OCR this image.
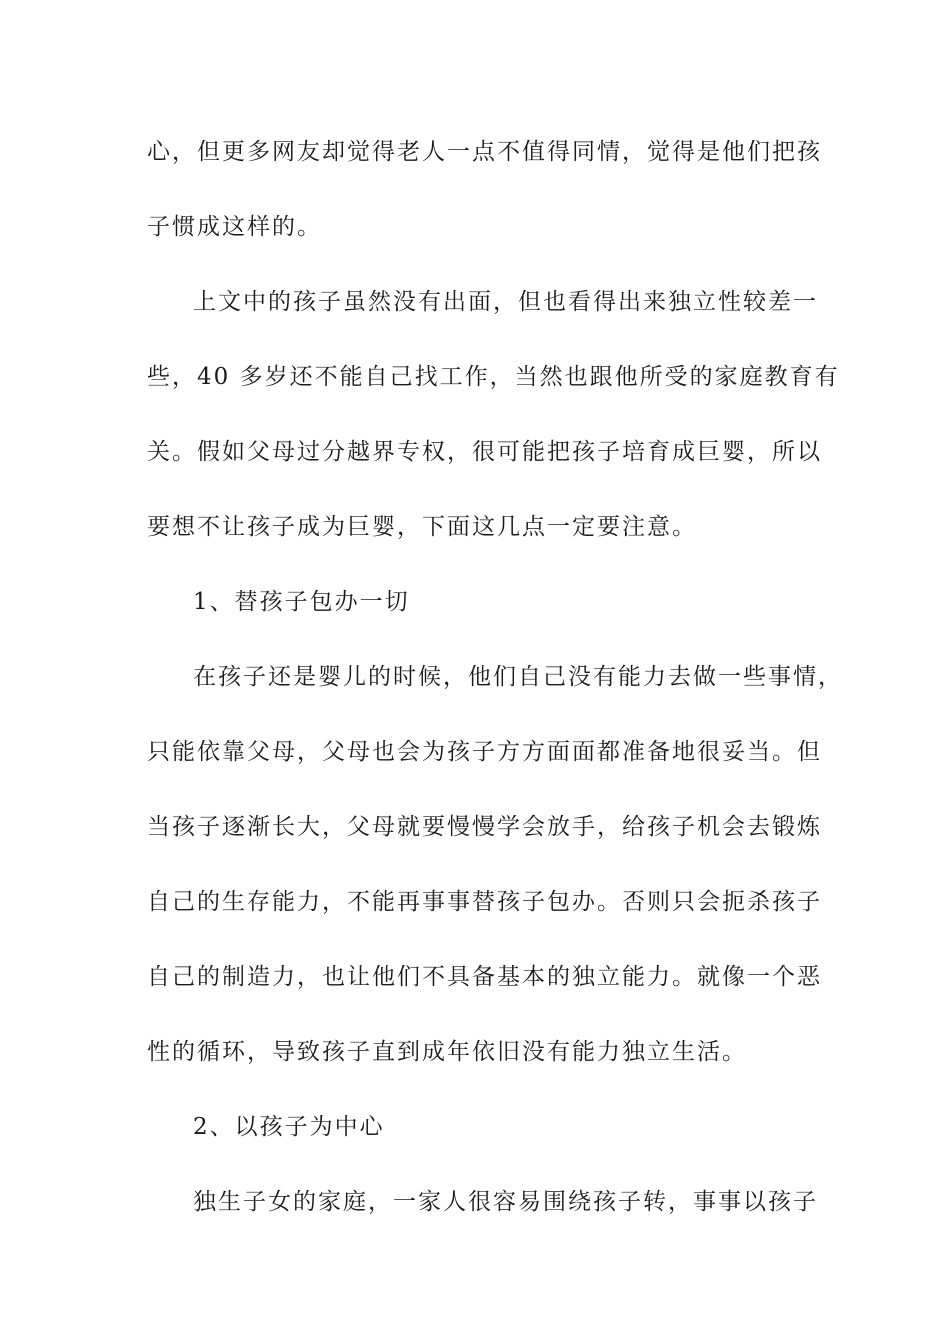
心，但更多网友却觉得老人一点不值得同情，觉得是他们把孩
子惯成这样的。
上文中的孩子虽然没有出面，但也看得出来独立性较差一
些，40 多岁还不能自己找工作，当然也跟他所受的家庭教育有
关。假如父母过分越界专权，很可能把孩子培育成巨婴，所以
要想不让孩子成为巨婴，下面这几点一定要注意。
1、替孩子包办一切
在孩子还是婴儿的时候，他们自己没有能力去做一些事情，
只能依靠父母，父母也会为孩子方方面面都准备地很妥当。但
当孩子逐渐长大，父母就要慢慢学会放手，给孩子机会去锻炼
自己的生存能力，不能再事事替孩子包办。否则只会扼杀孩子
自己的制造力，也让他们不具备基本的独立能力。就像一个恶
性的循环，导致孩子直到成年依旧没有能力独立生活。
2、以孩子为中心
独生子女的家庭，一家人很容易围绕孩子转，事事以孩子
